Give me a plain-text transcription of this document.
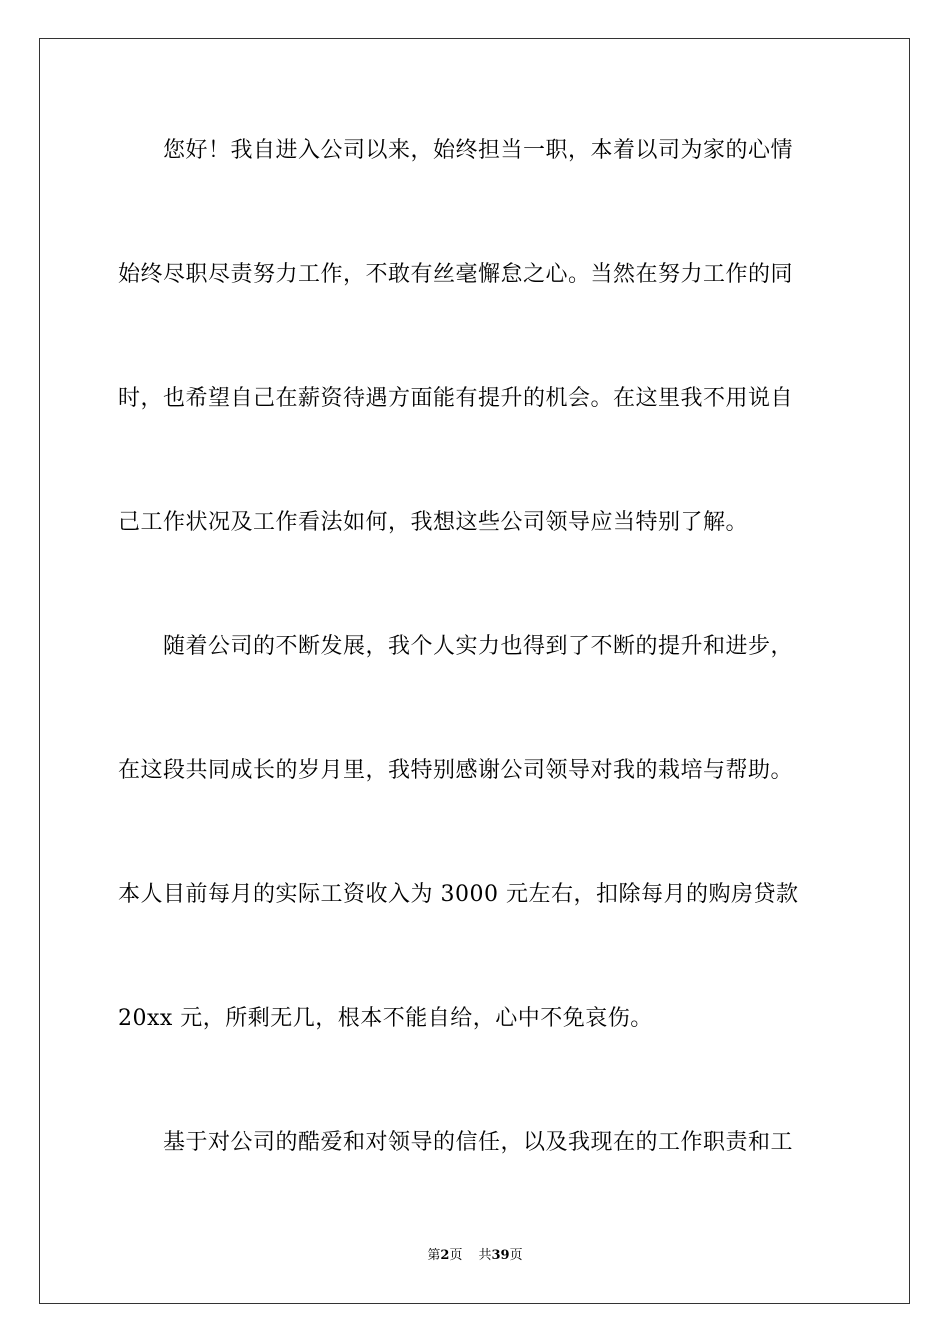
您好！我自进入公司以来，始终担当一职，本着以司为家的心情
始终尽职尽责努力工作，不敢有丝毫懈怠之心。当然在努力工作的同
时，也希望自己在薪资待遇方面能有提升的机会。在这里我不用说自
己工作状况及工作看法如何，我想这些公司领导应当特别了解。
随着公司的不断发展，我个人实力也得到了不断的提升和进步，
在这段共同成长的岁月里，我特别感谢公司领导对我的栽培与帮助。
本人目前每月的实际工资收入为 3000 元左右，扣除每月的购房贷款
20xx 元，所剩无几，根本不能自给，心中不免哀伤。
基于对公司的酷爱和对领导的信任，以及我现在的工作职责和工
第2页 共39页
